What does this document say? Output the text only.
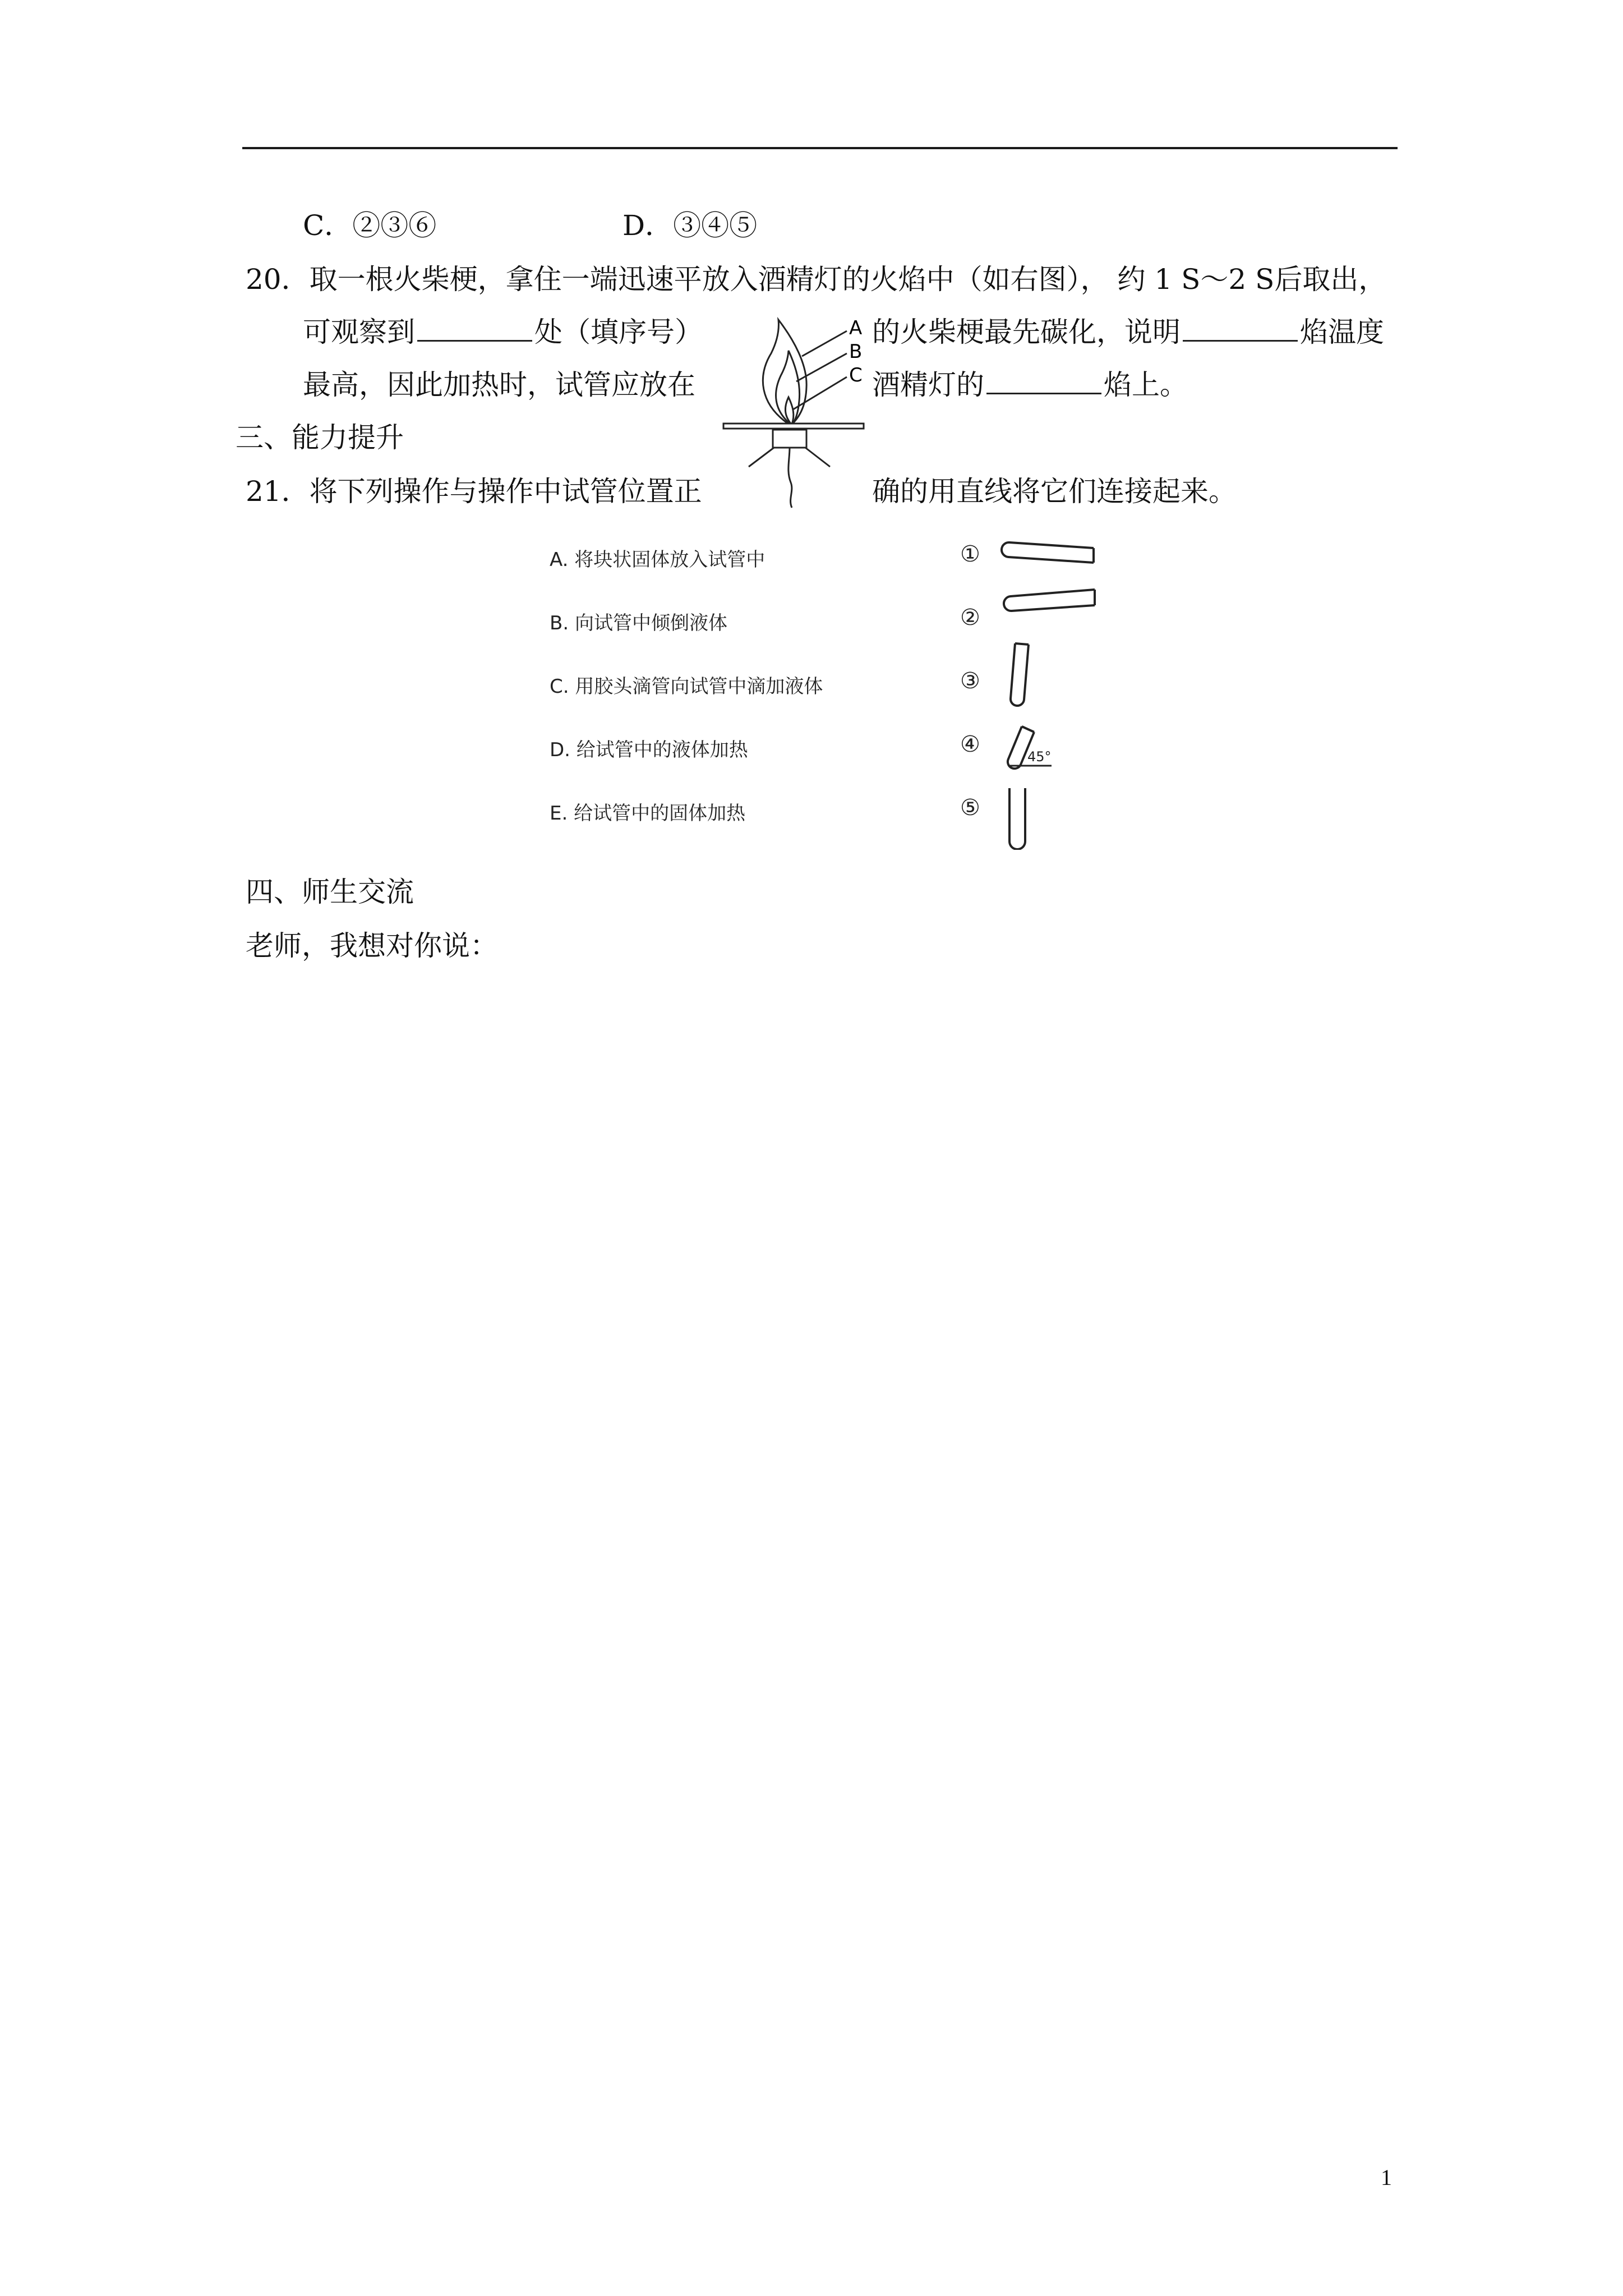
C．②③⑥	D．③④⑤
20．取一根火柴梗，拿住一端迅速平放入酒精灯的火焰中（如右图）， 约 1 S～2 S后取出，
可观察到	处（填序号）	的火柴梗最先碳化，说明	焰温度
最高，因此加热时，试管应放在	酒精灯的	焰上。
A
B
C
三、能力提升
21．将下列操作与操作中试管位置正	确的用直线将它们连接起来。
A. 将块状固体放入试管中
B. 向试管中倾倒液体
C. 用胶头滴管向试管中滴加液体
D. 给试管中的液体加热
E. 给试管中的固体加热
①
②
③
④
⑤
45°
四、师生交流
老师，我想对你说：
1
